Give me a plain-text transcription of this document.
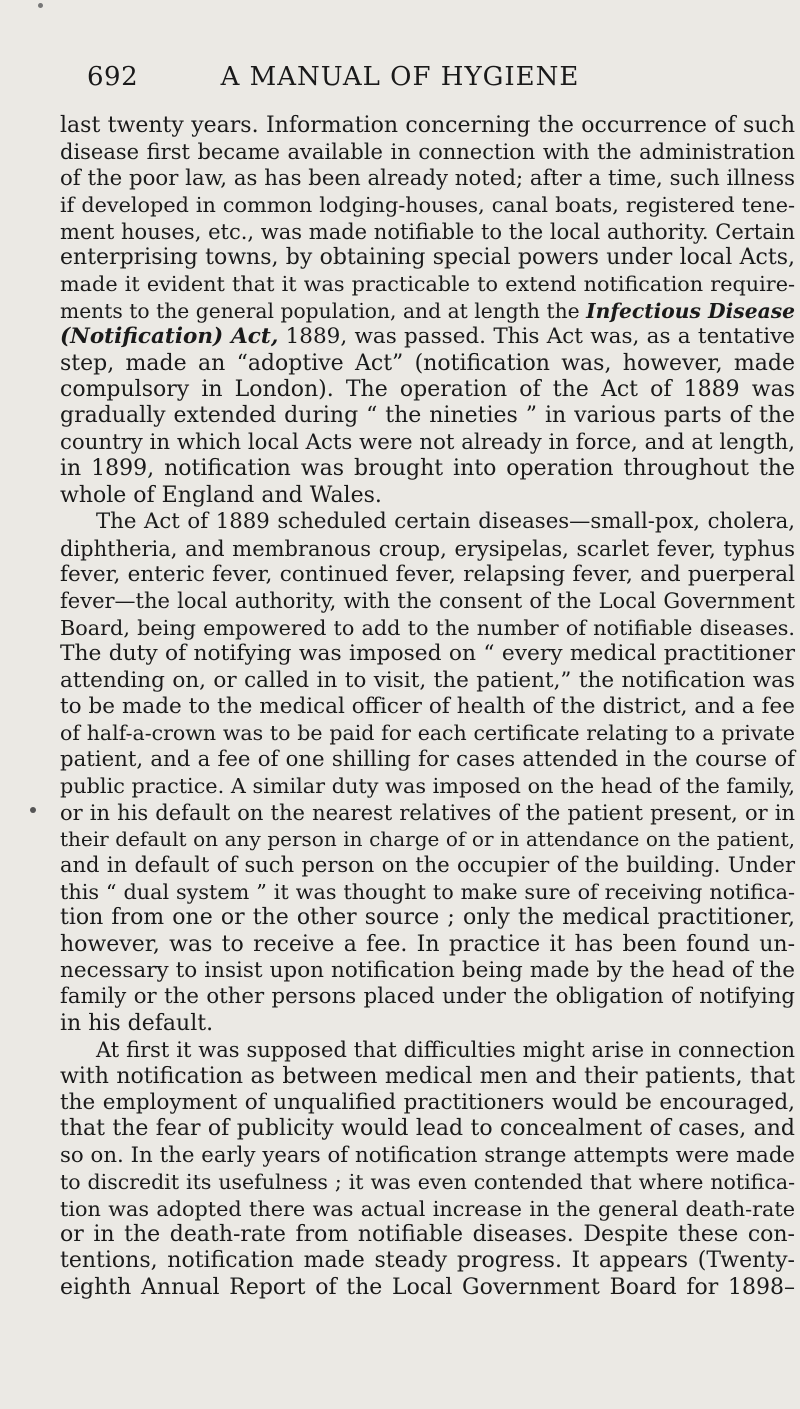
692	A MANUAL OF HYGIENE
last twenty years. Information concerning the occurrence of such
disease first became available in connection with the administration
of the poor law, as has been already noted; after a time, such illness
if developed in common lodging-houses, canal boats, registered tene-
ment houses, etc., was made notifiable to the local authority. Certain
enterprising towns, by obtaining special powers under local Acts,
made it evident that it was practicable to extend notification require-
ments to the general population, and at length the Infectious Disease
(Notification) Act, 1889, was passed. This Act was, as a tentative
step, made an “adoptive Act” (notification was, however, made
compulsory in London). The operation of the Act of 1889 was
gradually extended during “ the nineties ” in various parts of the
country in which local Acts were not already in force, and at length,
in 1899, notification was brought into operation throughout the
whole of England and Wales.
The Act of 1889 scheduled certain diseases—small-pox, cholera,
diphtheria, and membranous croup, erysipelas, scarlet fever, typhus
fever, enteric fever, continued fever, relapsing fever, and puerperal
fever—the local authority, with the consent of the Local Government
Board, being empowered to add to the number of notifiable diseases.
The duty of notifying was imposed on “ every medical practitioner
attending on, or called in to visit, the patient,” the notification was
to be made to the medical officer of health of the district, and a fee
of half-a-crown was to be paid for each certificate relating to a private
patient, and a fee of one shilling for cases attended in the course of
public practice. A similar duty was imposed on the head of the family,
or in his default on the nearest relatives of the patient present, or in
their default on any person in charge of or in attendance on the patient,
and in default of such person on the occupier of the building. Under
this “ dual system ” it was thought to make sure of receiving notifica-
tion from one or the other source ; only the medical practitioner,
however, was to receive a fee. In practice it has been found un-
necessary to insist upon notification being made by the head of the
family or the other persons placed under the obligation of notifying
in his default.
At first it was supposed that difficulties might arise in connection
with notification as between medical men and their patients, that
the employment of unqualified practitioners would be encouraged,
that the fear of publicity would lead to concealment of cases, and
so on. In the early years of notification strange attempts were made
to discredit its usefulness ; it was even contended that where notifica-
tion was adopted there was actual increase in the general death-rate
or in the death-rate from notifiable diseases. Despite these con-
tentions, notification made steady progress. It appears (Twenty-
eighth Annual Report of the Local Government Board for 1898–
